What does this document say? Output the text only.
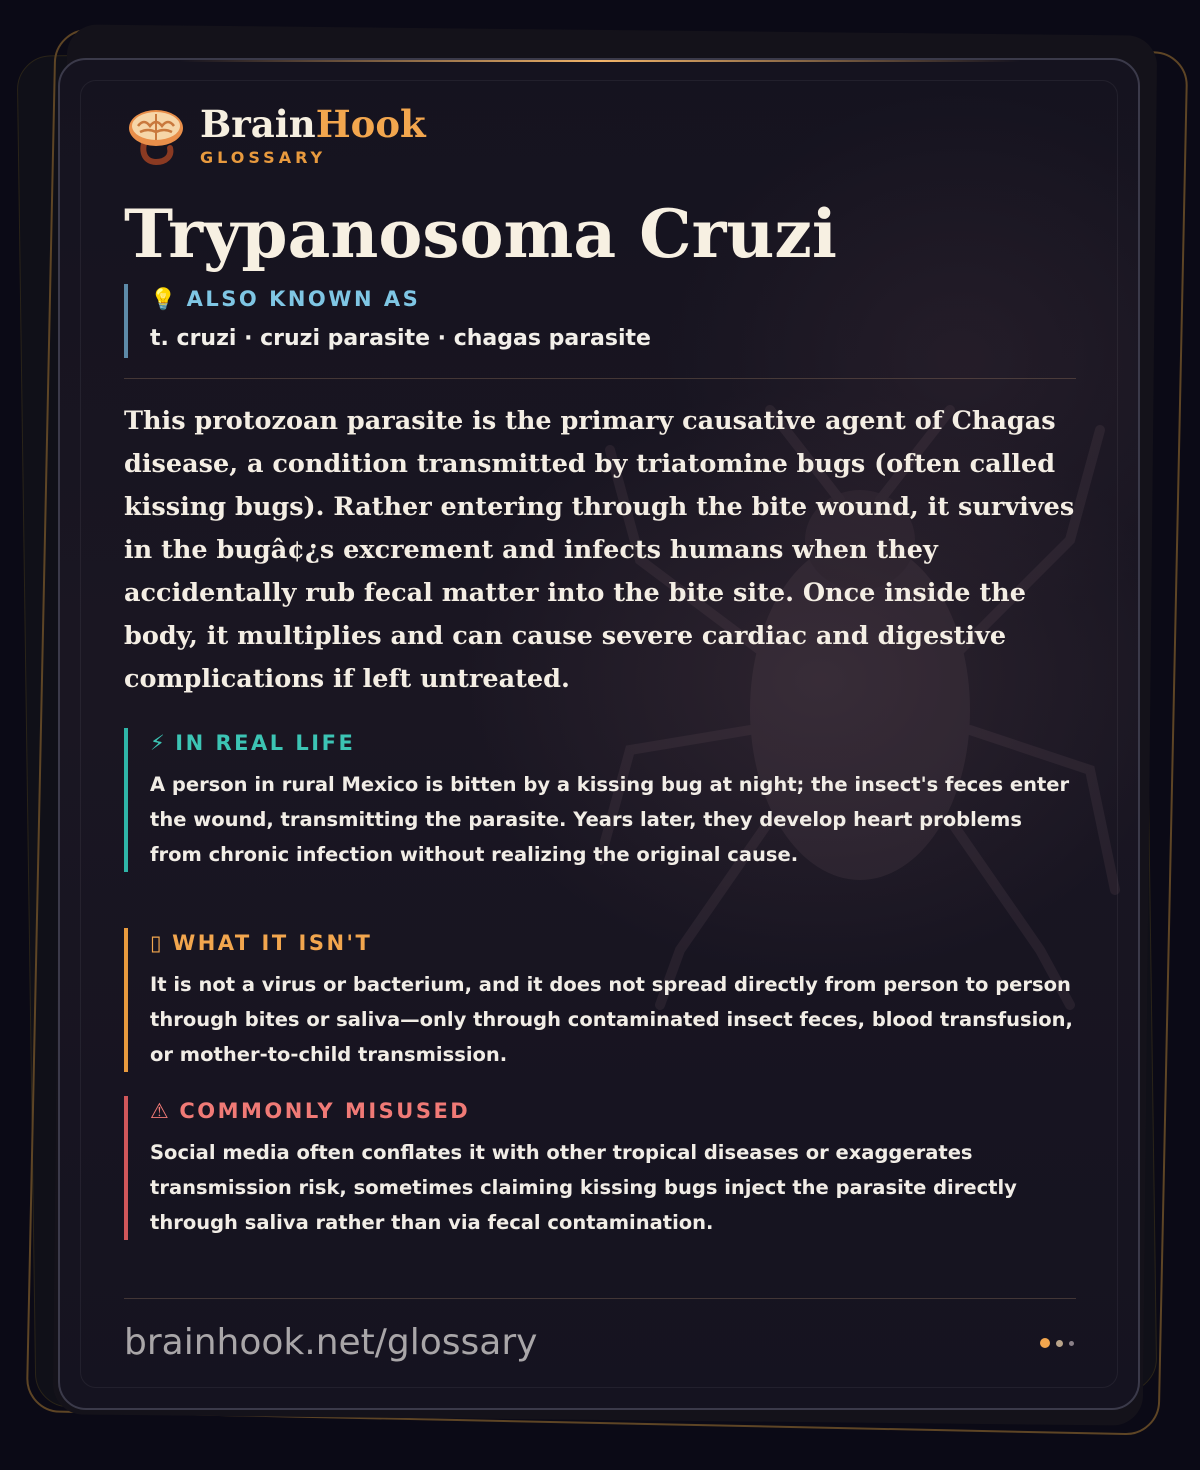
BrainHook
GLOSSARY
Trypanosoma Cruzi
💡 ALSO KNOWN AS
t. cruzi · cruzi parasite · chagas parasite

This protozoan parasite is the primary causative agent of Chagas disease, a condition transmitted by triatomine bugs (often called kissing bugs). Rather entering through the bite wound, it survives in the bugâ¢¿s excrement and infects humans when they accidentally rub fecal matter into the bite site. Once inside the body, it multiplies and can cause severe cardiac and digestive complications if left untreated.

⚡ IN REAL LIFE
A person in rural Mexico is bitten by a kissing bug at night; the insect's feces enter the wound, transmitting the parasite. Years later, they develop heart problems from chronic infection without realizing the original cause.
▯ WHAT IT ISN'T
It is not a virus or bacterium, and it does not spread directly from person to person through bites or saliva—only through contaminated insect feces, blood transfusion, or mother-to-child transmission.
⚠ COMMONLY MISUSED
Social media often conflates it with other tropical diseases or exaggerates transmission risk, sometimes claiming kissing bugs inject the parasite directly through saliva rather than via fecal contamination.
brainhook.net/glossary
